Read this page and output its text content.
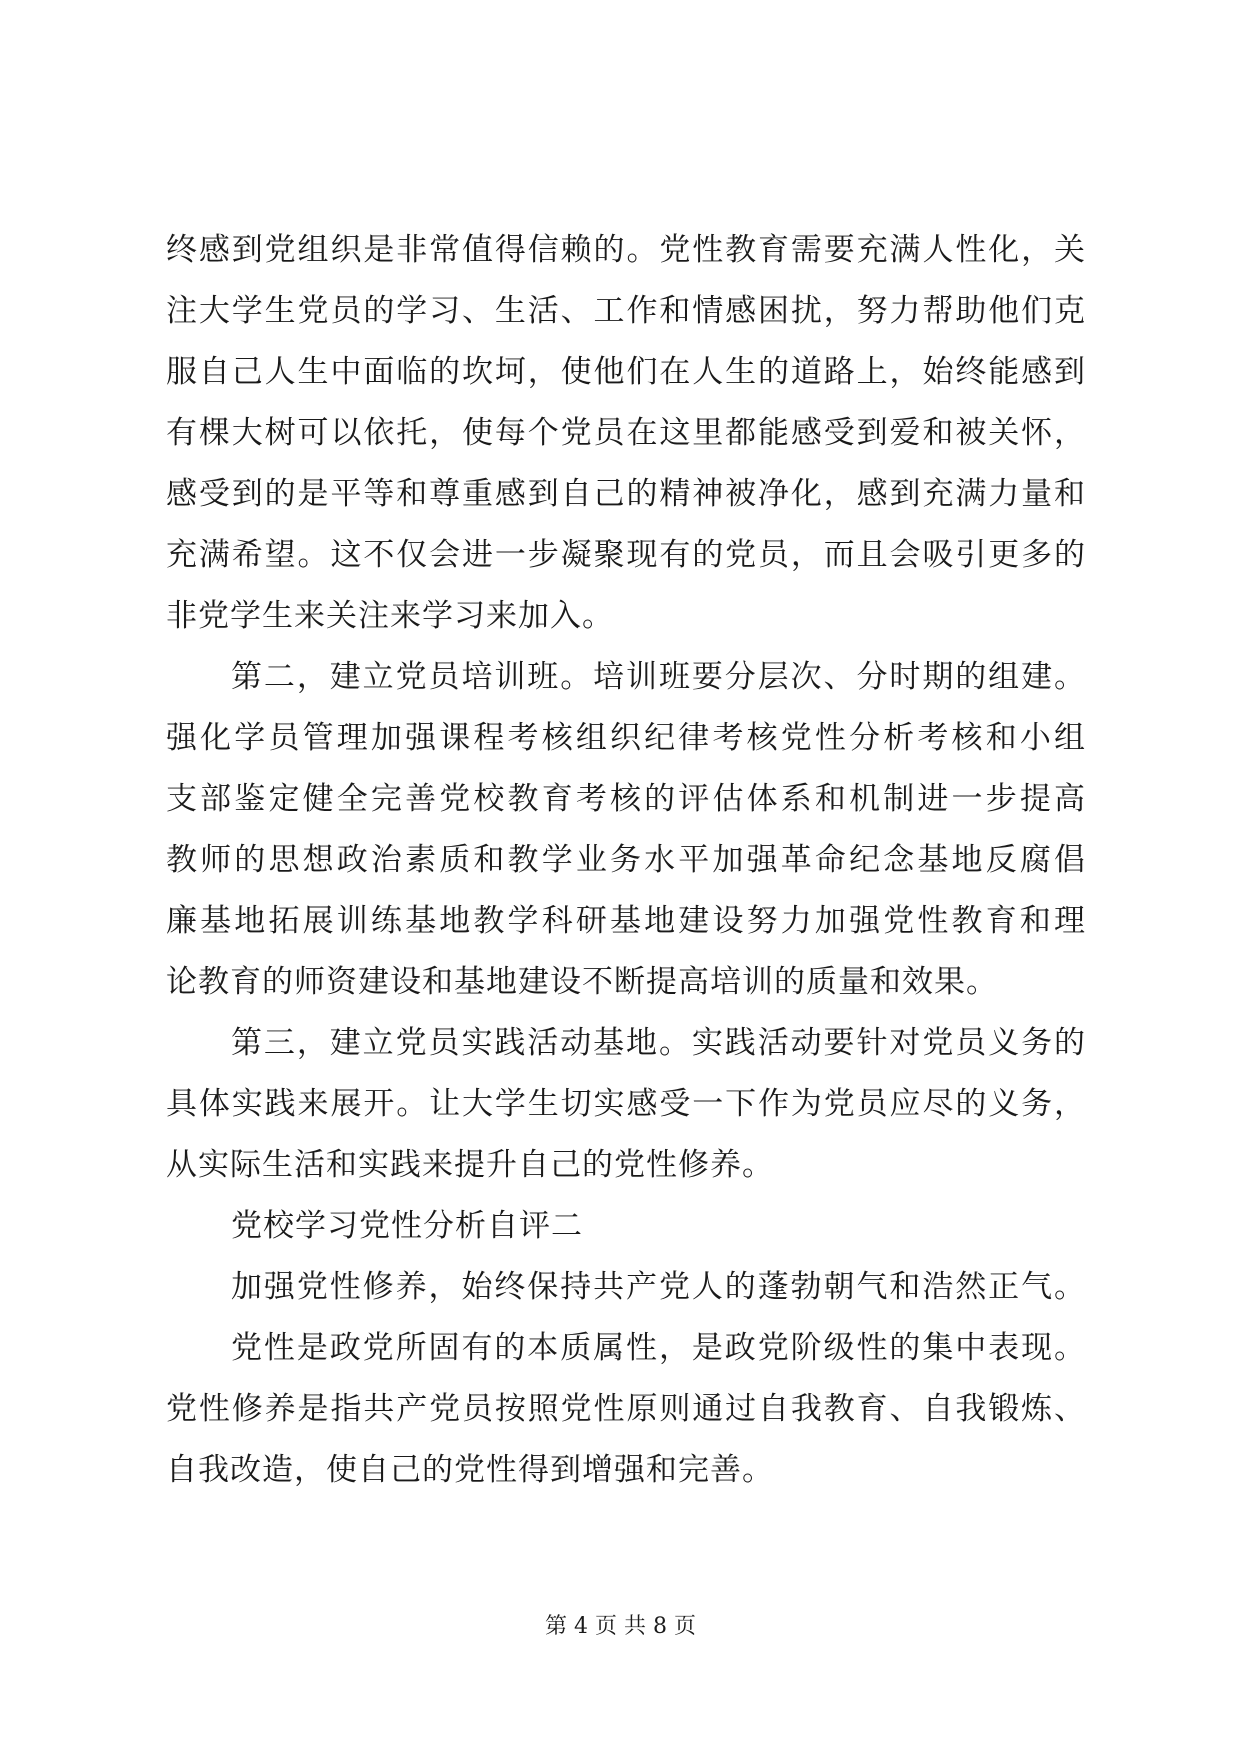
终感到党组织是非常值得信赖的。党性教育需要充满人性化，关
注大学生党员的学习、生活、工作和情感困扰，努力帮助他们克
服自己人生中面临的坎坷，使他们在人生的道路上，始终能感到
有棵大树可以依托，使每个党员在这里都能感受到爱和被关怀，
感受到的是平等和尊重感到自己的精神被净化，感到充满力量和
充满希望。这不仅会进一步凝聚现有的党员，而且会吸引更多的
非党学生来关注来学习来加入。
第二，建立党员培训班。培训班要分层次、分时期的组建。
强化学员管理加强课程考核组织纪律考核党性分析考核和小组
支部鉴定健全完善党校教育考核的评估体系和机制进一步提高
教师的思想政治素质和教学业务水平加强革命纪念基地反腐倡
廉基地拓展训练基地教学科研基地建设努力加强党性教育和理
论教育的师资建设和基地建设不断提高培训的质量和效果。
第三，建立党员实践活动基地。实践活动要针对党员义务的
具体实践来展开。让大学生切实感受一下作为党员应尽的义务，
从实际生活和实践来提升自己的党性修养。
党校学习党性分析自评二
加强党性修养，始终保持共产党人的蓬勃朝气和浩然正气。
党性是政党所固有的本质属性，是政党阶级性的集中表现。
党性修养是指共产党员按照党性原则通过自我教育、自我锻炼、
自我改造，使自己的党性得到增强和完善。
第 4 页 共 8 页
